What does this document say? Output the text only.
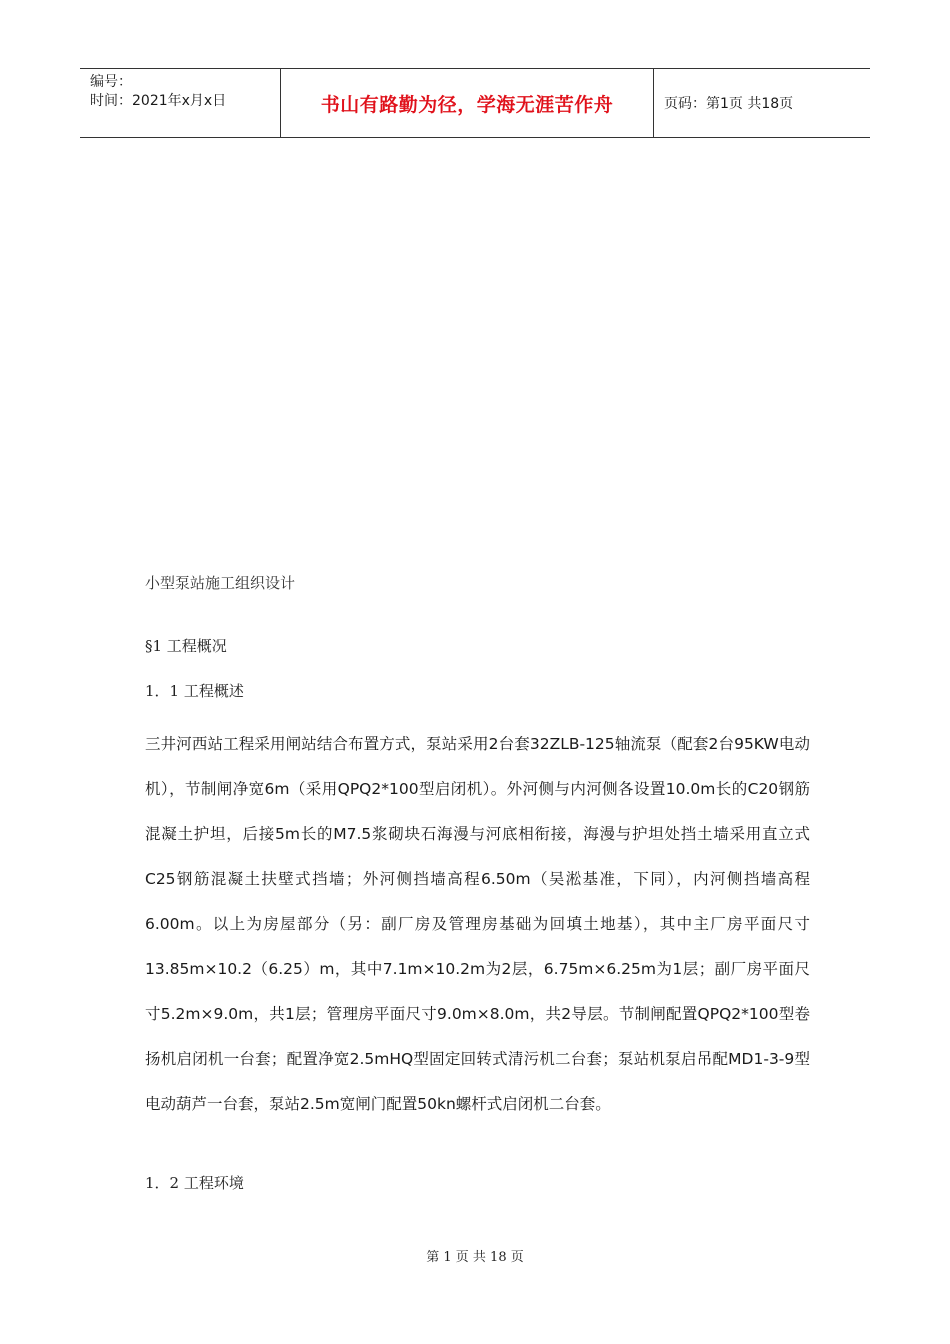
编号：
时间：2021年x月x日	书山有路勤为径，学海无涯苦作舟	页码：第1页 共18页
小型泵站施工组织设计
§1 工程概况
1．1 工程概述
三井河西站工程采用闸站结合布置方式，泵站采用2台套32ZLB-125轴流泵（配套2台95KW电动机），节制闸净宽6m（采用QPQ2*100型启闭机）。外河侧与内河侧各设置10.0m长的C20钢筋混凝土护坦，后接5m长的M7.5浆砌块石海漫与河底相衔接，海漫与护坦处挡土墙采用直立式C25钢筋混凝土扶壁式挡墙；外河侧挡墙高程6.50m（吴淞基准，下同），内河侧挡墙高程6.00m。以上为房屋部分（另：副厂房及管理房基础为回填土地基），其中主厂房平面尺寸13.85m×10.2（6.25）m，其中7.1m×10.2m为2层，6.75m×6.25m为1层；副厂房平面尺寸5.2m×9.0m，共1层；管理房平面尺寸9.0m×8.0m，共2导层。节制闸配置QPQ2*100型卷扬机启闭机一台套；配置净宽2.5mHQ型固定回转式清污机二台套；泵站机泵启吊配MD1-3-9型电动葫芦一台套，泵站2.5m宽闸门配置50kn螺杆式启闭机二台套。
1．2 工程环境
第 1 页 共 18 页
